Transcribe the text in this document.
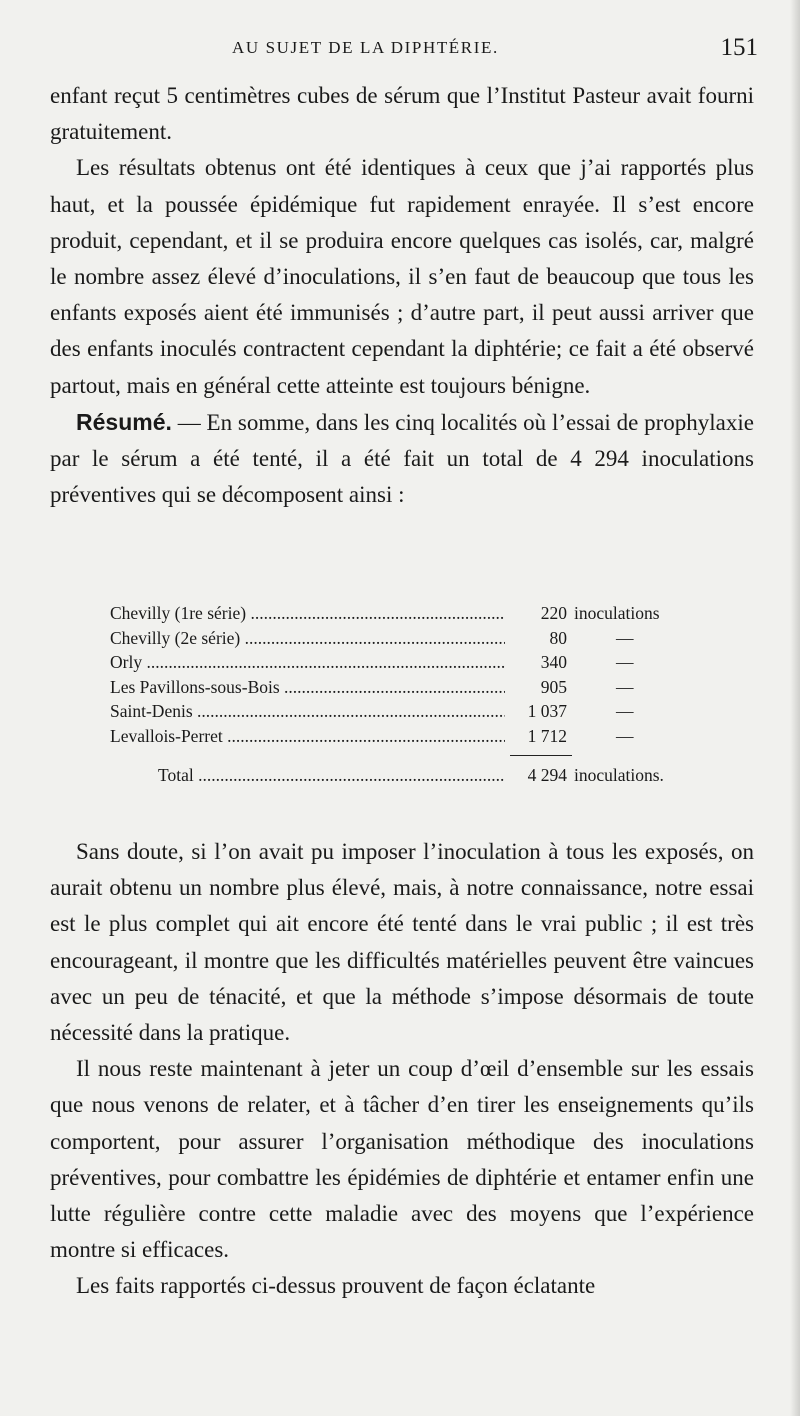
AU SUJET DE LA DIPHTÉRIE.	151

enfant reçut 5 centimètres cubes de sérum que l’Institut Pasteur avait fourni gratuitement.

Les résultats obtenus ont été identiques à ceux que j’ai rapportés plus haut, et la poussée épidémique fut rapidement enrayée. Il s’est encore produit, cependant, et il se produira encore quelques cas isolés, car, malgré le nombre assez élevé d’inoculations, il s’en faut de beaucoup que tous les enfants exposés aient été immunisés ; d’autre part, il peut aussi arriver que des enfants inoculés contractent cependant la diphtérie; ce fait a été observé partout, mais en général cette atteinte est toujours bénigne.

Résumé. — En somme, dans les cinq localités où l’essai de prophylaxie par le sérum a été tenté, il a été fait un total de 4 294 inoculations préventives qui se décomposent ainsi :

Chevilly (1re série) .....	220 inoculations
Chevilly (2e série) .....	80	—
Orly .....	340	—
Les Pavillons-sous-Bois .....	905	—
Saint-Denis .....	1 037	—
Levallois-Perret .....	1 712	—
Total .....	4 294 inoculations.

Sans doute, si l’on avait pu imposer l’inoculation à tous les exposés, on aurait obtenu un nombre plus élevé, mais, à notre connaissance, notre essai est le plus complet qui ait encore été tenté dans le vrai public ; il est très encourageant, il montre que les difficultés matérielles peuvent être vaincues avec un peu de ténacité, et que la méthode s’impose désormais de toute nécessité dans la pratique.

Il nous reste maintenant à jeter un coup d’œil d’ensemble sur les essais que nous venons de relater, et à tâcher d’en tirer les enseignements qu’ils comportent, pour assurer l’organisation méthodique des inoculations préventives, pour combattre les épidémies de diphtérie et entamer enfin une lutte régulière contre cette maladie avec des moyens que l’expérience montre si efficaces.

Les faits rapportés ci-dessus prouvent de façon éclatante
